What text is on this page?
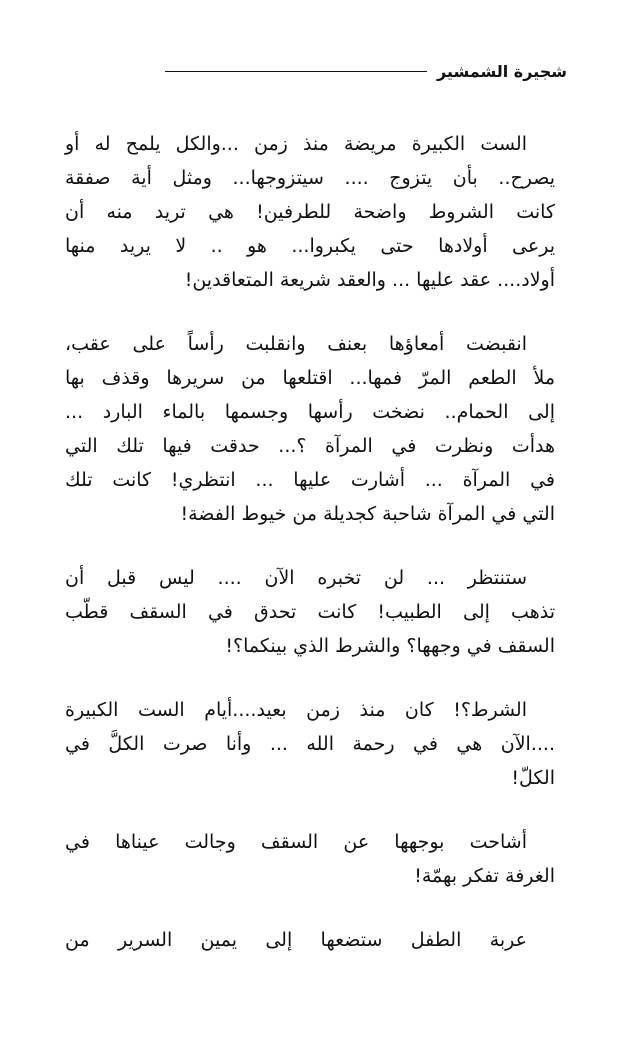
شجيرة الشمشير
الست الكبيرة مريضة منذ زمن ...والكل يلمح له أو
يصرح.. بأن يتزوج .... سيتزوجها... ومثل أية صفقة
كانت الشروط واضحة للطرفين! هي تريد منه أن
يرعى أولادها حتى يكبروا... هو .. لا يريد منها
أولاد.... عقد عليها ... والعقد شريعة المتعاقدين!
انقبضت أمعاؤها بعنف وانقلبت رأساً على عقب،
ملأ الطعم المرّ فمها... اقتلعها من سريرها وقذف بها
إلى الحمام.. نضخت رأسها وجسمها بالماء البارد ...
هدأت ونظرت في المرآة ؟... حدقت فيها تلك التي
في المرآة ... أشارت عليها ... انتظري! كانت تلك
التي في المرآة شاحبة كجديلة من خيوط الفضة!
ستنتظر ... لن تخبره الآن .... ليس قبل أن
تذهب إلى الطبيب! كانت تحدق في السقف قطّب
السقف في وجهها؟ والشرط الذي بينكما؟!
الشرط؟! كان منذ زمن بعيد....أيام الست الكبيرة
....الآن هي في رحمة الله ... وأنا صرت الكلَّ في
الكلّ!
أشاحت بوجهها عن السقف وجالت عيناها في
الغرفة تفكر بهمّة!
عربة الطفل ستضعها إلى يمين السرير من
